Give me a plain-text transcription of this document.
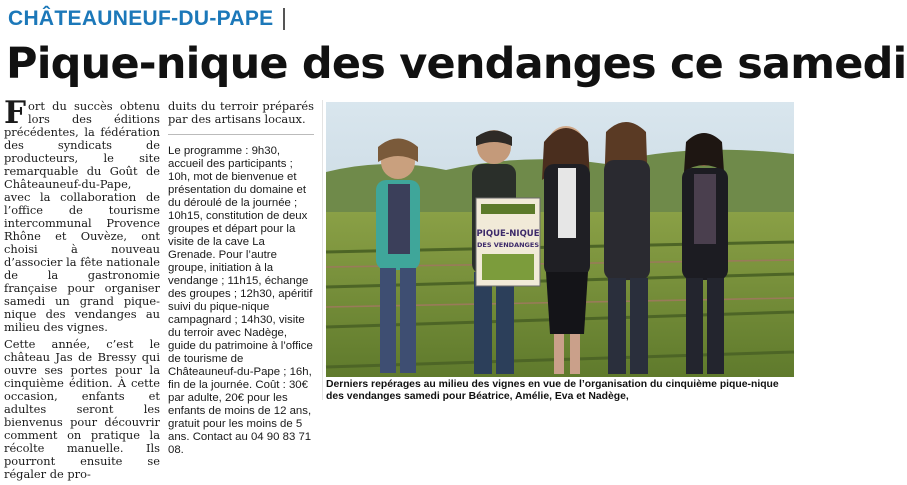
CHÂTEAUNEUF-DU-PAPE
Pique-nique des vendanges ce samedi

Fort du succès obtenu lors des éditions précédentes, la fédération des syndicats de producteurs, le site remarquable du Goût de Châteauneuf-du-Pape, avec la collaboration de l’office de tourisme intercommunal Provence Rhône et Ouvèze, ont choisi à nouveau d’associer la fête nationale de la gastronomie française pour organiser samedi un grand pique-nique des vendanges au milieu des vignes.

Cette année, c’est le château Jas de Bressy qui ouvre ses portes pour la cinquième édition. À cette occasion, enfants et adultes seront les bienvenus pour découvrir comment on pratique la récolte manuelle. Ils pourront ensuite se régaler de pro-

duits du terroir préparés par des artisans locaux.

Le programme : 9h30, accueil des participants ; 10h, mot de bienvenue et présentation du domaine et du déroulé de la journée ; 10h15, constitution de deux groupes et départ pour la visite de la cave La Grenade. Pour l’autre groupe, initiation à la vendange ; 11h15, échange des groupes ; 12h30, apéritif suivi du pique-nique campagnard ; 14h30, visite du terroir avec Nadège, guide du patrimoine à l’office de tourisme de Châteauneuf-du-Pape ; 16h, fin de la journée. Coût : 30€ par adulte, 20€ pour les enfants de moins de 12 ans, gratuit pour les moins de 5 ans. Contact au 04 90 83 71 08.

PIQUE-NIQUE
DES VENDANGES
Derniers repérages au milieu des vignes en vue de l’organisation du cinquième pique-nique des vendanges samedi pour Béatrice, Amélie, Eva et Nadège,
